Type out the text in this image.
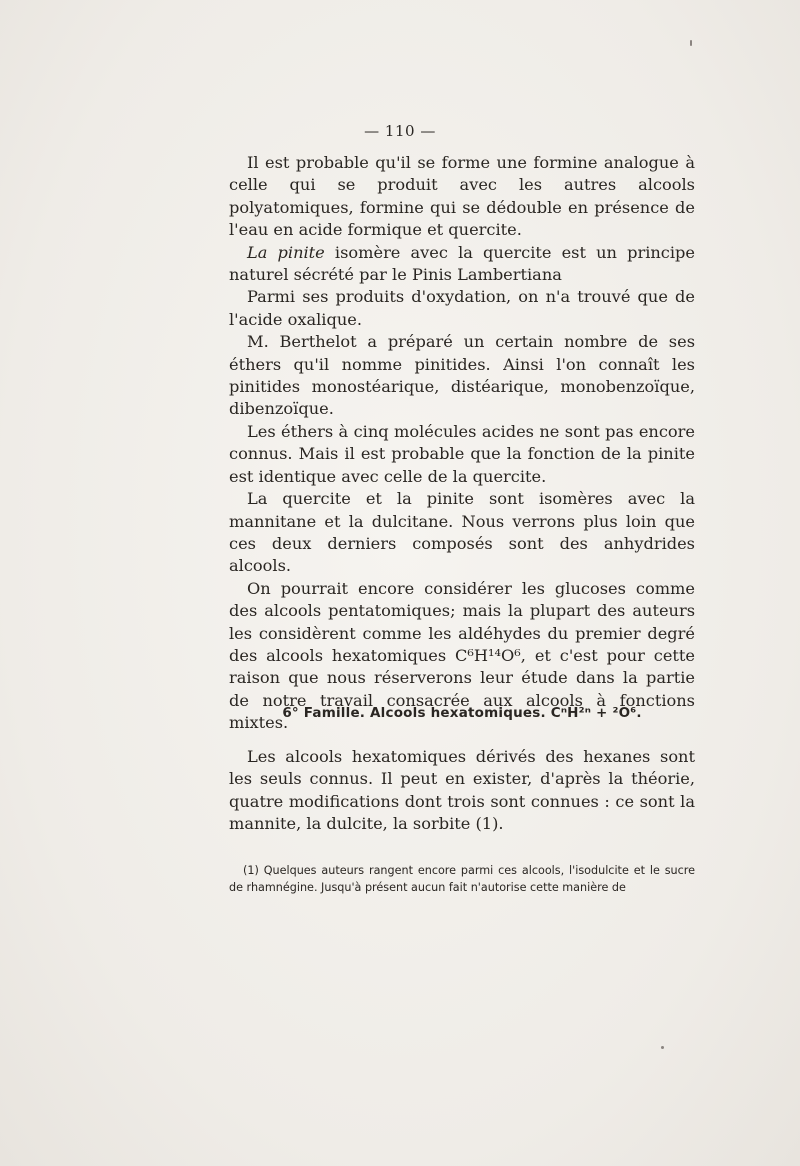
— 110 —

Il est probable qu'il se forme une formine analogue à celle qui se produit avec les autres alcools polyatomiques, formine qui se dédouble en présence de l'eau en acide formique et quercite.

La pinite isomère avec la quercite est un principe naturel sécrété par le Pinis Lambertiana

Parmi ses produits d'oxydation, on n'a trouvé que de l'acide oxalique.

M. Berthelot a préparé un certain nombre de ses éthers qu'il nomme pinitides. Ainsi l'on connaît les pinitides monostéarique, distéarique, monobenzoïque, dibenzoïque.

Les éthers à cinq molécules acides ne sont pas encore connus. Mais il est probable que la fonction de la pinite est identique avec celle de la quercite.

La quercite et la pinite sont isomères avec la mannitane et la dulcitane. Nous verrons plus loin que ces deux derniers composés sont des anhydrides alcools.

On pourrait encore considérer les glucoses comme des alcools pentatomiques; mais la plupart des auteurs les considèrent comme les aldéhydes du premier degré des alcools hexatomiques C⁶H¹⁴O⁶, et c'est pour cette raison que nous réserverons leur étude dans la partie de notre travail consacrée aux alcools à fonctions mixtes.

6° Famille. Alcools hexatomiques. CⁿH²ⁿ + ²O⁶.

Les alcools hexatomiques dérivés des hexanes sont les seuls connus. Il peut en exister, d'après la théorie, quatre modifications dont trois sont connues : ce sont la mannite, la dulcite, la sorbite (1).

(1) Quelques auteurs rangent encore parmi ces alcools, l'isodulcite et le sucre de rhamnégine. Jusqu'à présent aucun fait n'autorise cette manière de
